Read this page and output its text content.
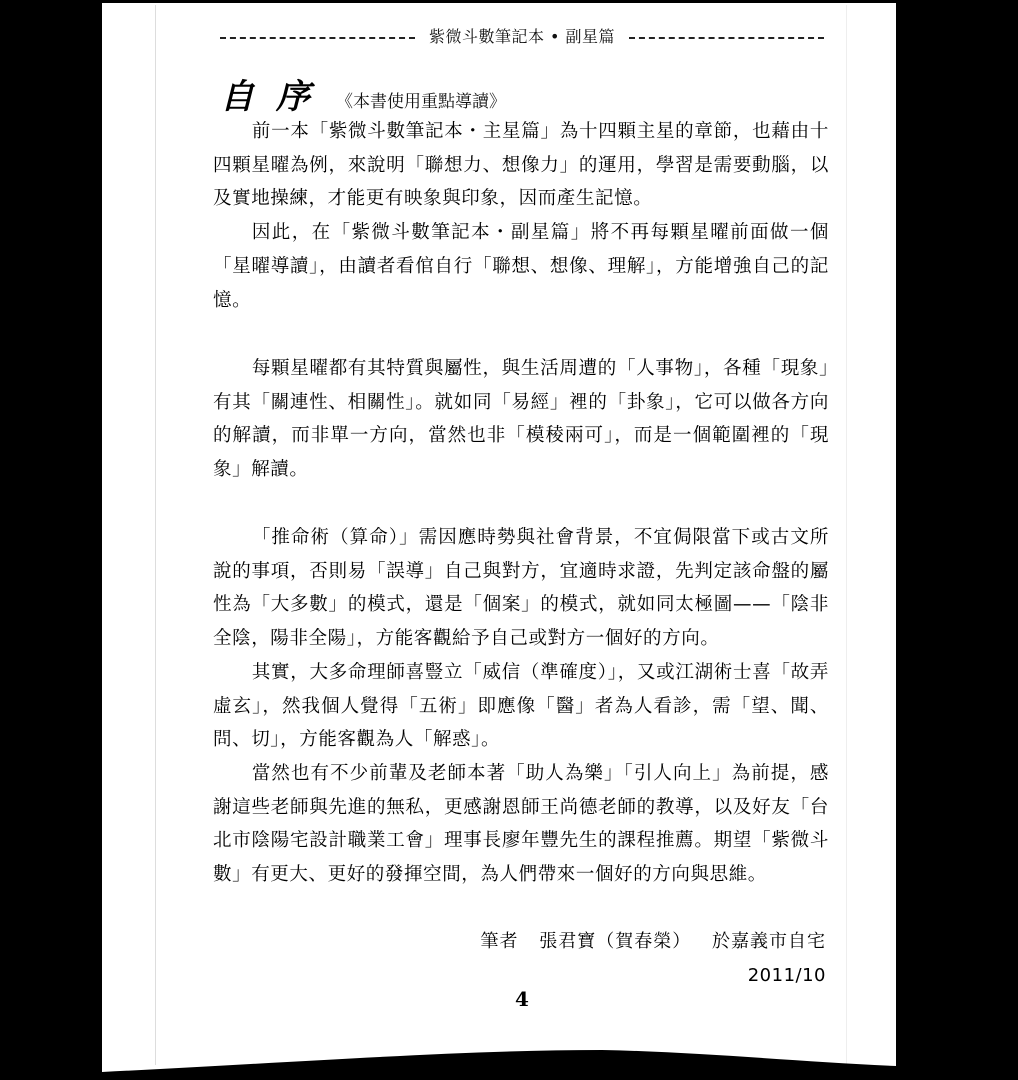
紫微斗數筆記本 • 副星篇
自序 《本書使用重點導讀》

前一本「紫微斗數筆記本・主星篇」為十四顆主星的章節，也藉由十四顆星曜為例，來說明「聯想力、想像力」的運用，學習是需要動腦，以及實地操練，才能更有映象與印象，因而產生記憶。

因此，在「紫微斗數筆記本・副星篇」將不再每顆星曜前面做一個「星曜導讀」，由讀者看倌自行「聯想、想像、理解」，方能增強自己的記憶。

每顆星曜都有其特質與屬性，與生活周遭的「人事物」，各種「現象」有其「關連性、相關性」。就如同「易經」裡的「卦象」，它可以做各方向的解讀，而非單一方向，當然也非「模稜兩可」，而是一個範圍裡的「現象」解讀。

「推命術（算命）」需因應時勢與社會背景，不宜侷限當下或古文所說的事項，否則易「誤導」自己與對方，宜適時求證，先判定該命盤的屬性為「大多數」的模式，還是「個案」的模式，就如同太極圖——「陰非全陰，陽非全陽」，方能客觀給予自己或對方一個好的方向。

其實，大多命理師喜豎立「威信（準確度）」，又或江湖術士喜「故弄虛玄」，然我個人覺得「五術」即應像「醫」者為人看診，需「望、聞、問、切」，方能客觀為人「解惑」。

當然也有不少前輩及老師本著「助人為樂」「引人向上」為前提，感謝這些老師與先進的無私，更感謝恩師王尚德老師的教導，以及好友「台北市陰陽宅設計職業工會」理事長廖年豐先生的課程推薦。期望「紫微斗數」有更大、更好的發揮空間，為人們帶來一個好的方向與思維。

筆者 張君寶（賀春榮） 於嘉義市自宅
2011/10
4
